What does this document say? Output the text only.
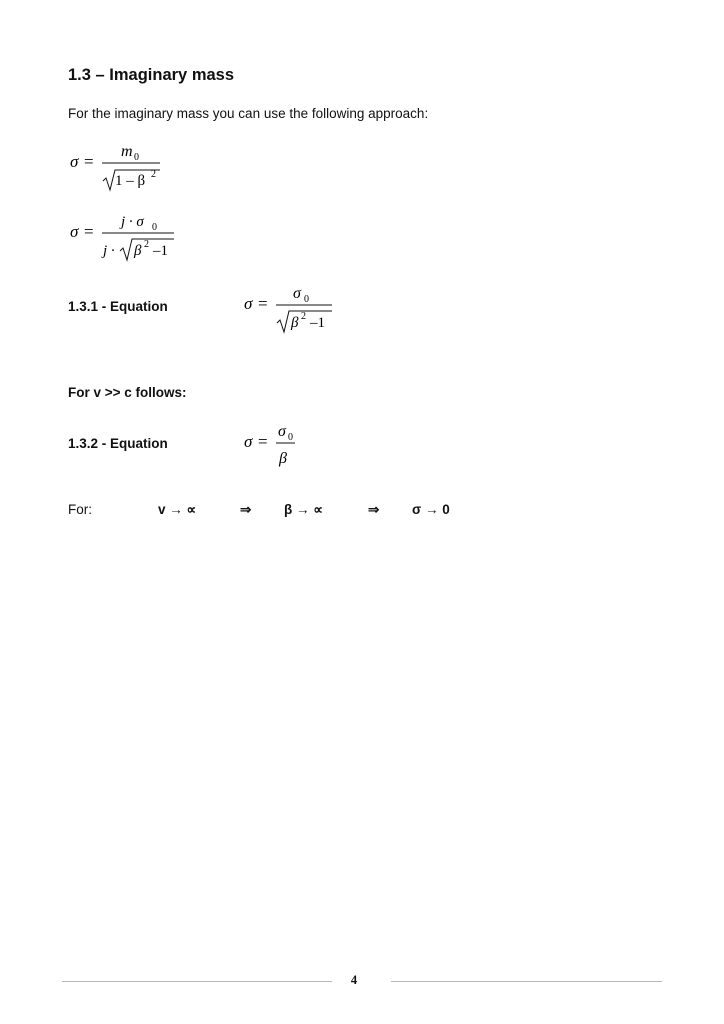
1.3 – Imaginary mass
For the imaginary mass you can use the following approach:
σ =
m 0
1 – β 2
σ = j · σ 0
j · β 2 –1
1.3.1 - Equation	σ =
σ 0
β 2 –1
For v >> c follows:
1.3.2 - Equation	σ =
σ 0
β
For:	v → ∝	⇒ β → ∝	⇒ σ → 0
4
